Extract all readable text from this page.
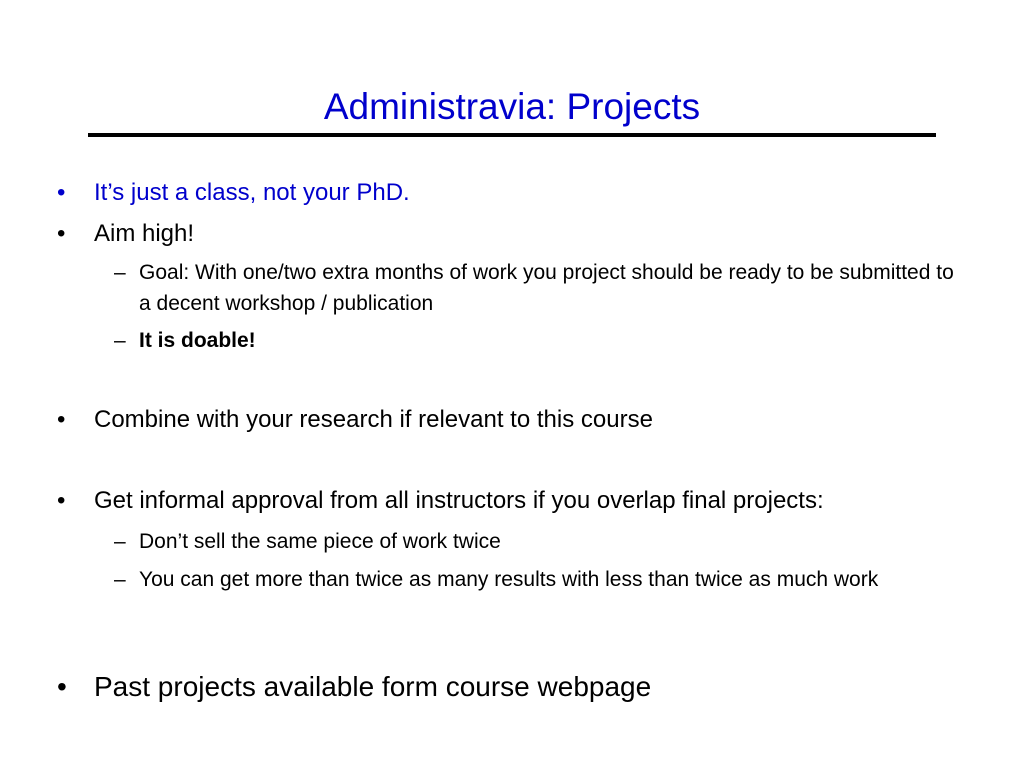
Administravia: Projects
•	It’s just a class, not your PhD.
•	Aim high!
– Goal: With one/two extra months of work you project should be ready to be submitted to a decent workshop / publication
– It is doable!
•	Combine with your research if relevant to this course
•	Get informal approval from all instructors if you overlap final projects:
– Don’t sell the same piece of work twice
– You can get more than twice as many results with less than twice as much work
• Past projects available form course webpage
